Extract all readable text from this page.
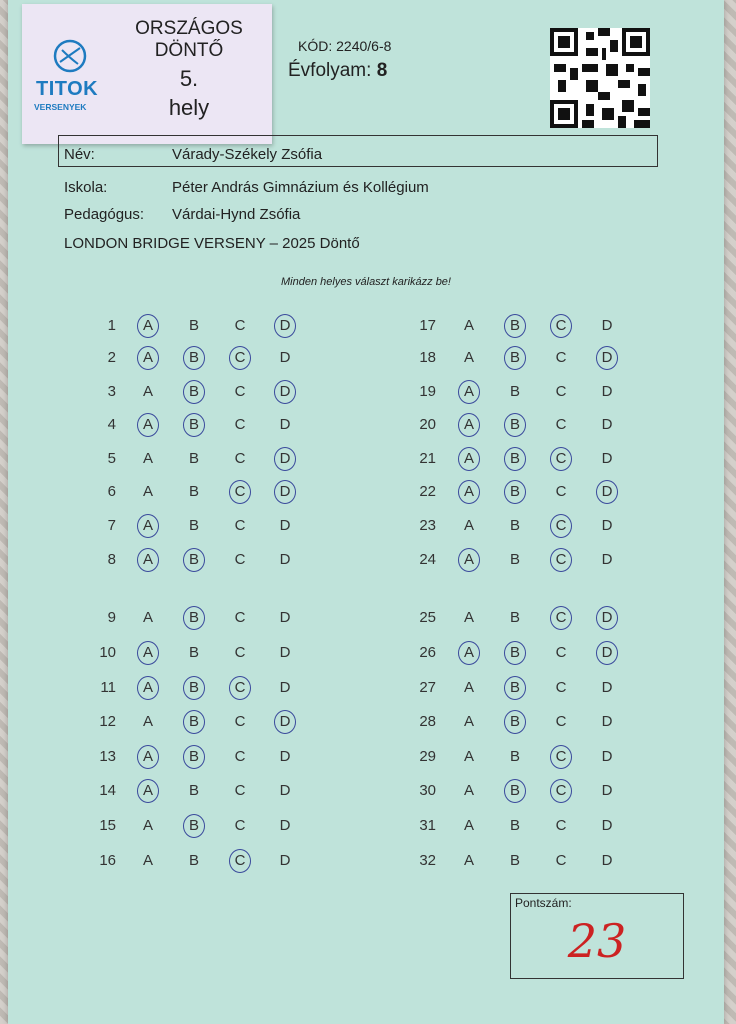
TITOK
VERSENYEK
ORSZÁGOS
DÖNTŐ
5.
hely
KÓD: 2240/6-8
Évfolyam: 8
Név:	Várady-Székely Zsófia
Iskola:	Péter András Gimnázium és Kollégium
Pedagógus: Várdai-Hynd Zsófia
LONDON BRIDGE VERSENY – 2025 Döntő
Minden helyes választ karikázz be!
1	A	B	C	D
2	A	B	C	D
3	A	B	C	D
4	A	B	C	D
5	A	B	C	D
6	A	B	C	D
7	A	B	C	D
8	A	B	C	D
9	A	B	C	D
10	A	B	C	D
11	A	B	C	D
12	A	B	C	D
13	A	B	C	D
14	A	B	C	D
15	A	B	C	D
16	A	B	C	D
17	A	B	C	D
18	A	B	C	D
19	A	B	C	D
20	A	B	C	D
21	A	B	C	D
22	A	B	C	D
23	A	B	C	D
24	A	B	C	D
25	A	B	C	D
26	A	B	C	D
27	A	B	C	D
28	A	B	C	D
29	A	B	C	D
30	A	B	C	D
31	A	B	C	D
32	A	B	C	D
Pontszám:
23
